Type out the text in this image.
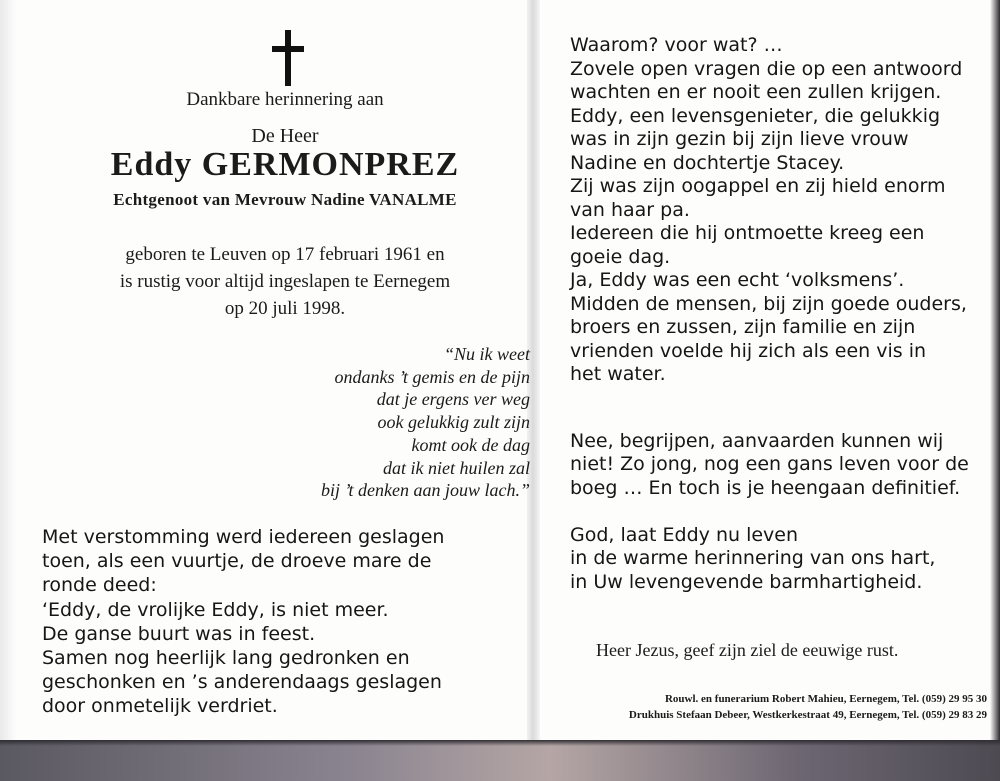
Dankbare herinnering aan
De Heer
Eddy GERMONPREZ
Echtgenoot van Mevrouw Nadine VANALME
geboren te Leuven op 17 februari 1961 en
is rustig voor altijd ingeslapen te Eernegem
op 20 juli 1998.
“Nu ik weet
ondanks ’t gemis en de pijn
dat je ergens ver weg
ook gelukkig zult zijn
komt ook de dag
dat ik niet huilen zal
bij ’t denken aan jouw lach.”
Met verstomming werd iedereen geslagen
toen, als een vuurtje, de droeve mare de
ronde deed:
‘Eddy, de vrolijke Eddy, is niet meer.
De ganse buurt was in feest.
Samen nog heerlijk lang gedronken en
geschonken en ’s anderendaags geslagen
door onmetelijk verdriet.
Waarom? voor wat? …
Zovele open vragen die op een antwoord
wachten en er nooit een zullen krijgen.
Eddy, een levensgenieter, die gelukkig
was in zijn gezin bij zijn lieve vrouw
Nadine en dochtertje Stacey.
Zij was zijn oogappel en zij hield enorm
van haar pa.
Iedereen die hij ontmoette kreeg een
goeie dag.
Ja, Eddy was een echt ‘volksmens’.
Midden de mensen, bij zijn goede ouders,
broers en zussen, zijn familie en zijn
vrienden voelde hij zich als een vis in
het water.
Nee, begrijpen, aanvaarden kunnen wij
niet! Zo jong, nog een gans leven voor de
boeg … En toch is je heengaan definitief.
God, laat Eddy nu leven
in de warme herinnering van ons hart,
in Uw levengevende barmhartigheid.
Heer Jezus, geef zijn ziel de eeuwige rust.
Rouwl. en funerarium Robert Mahieu, Eernegem, Tel. (059) 29 95 30
Drukhuis Stefaan Debeer, Westkerkestraat 49, Eernegem, Tel. (059) 29 83 29
